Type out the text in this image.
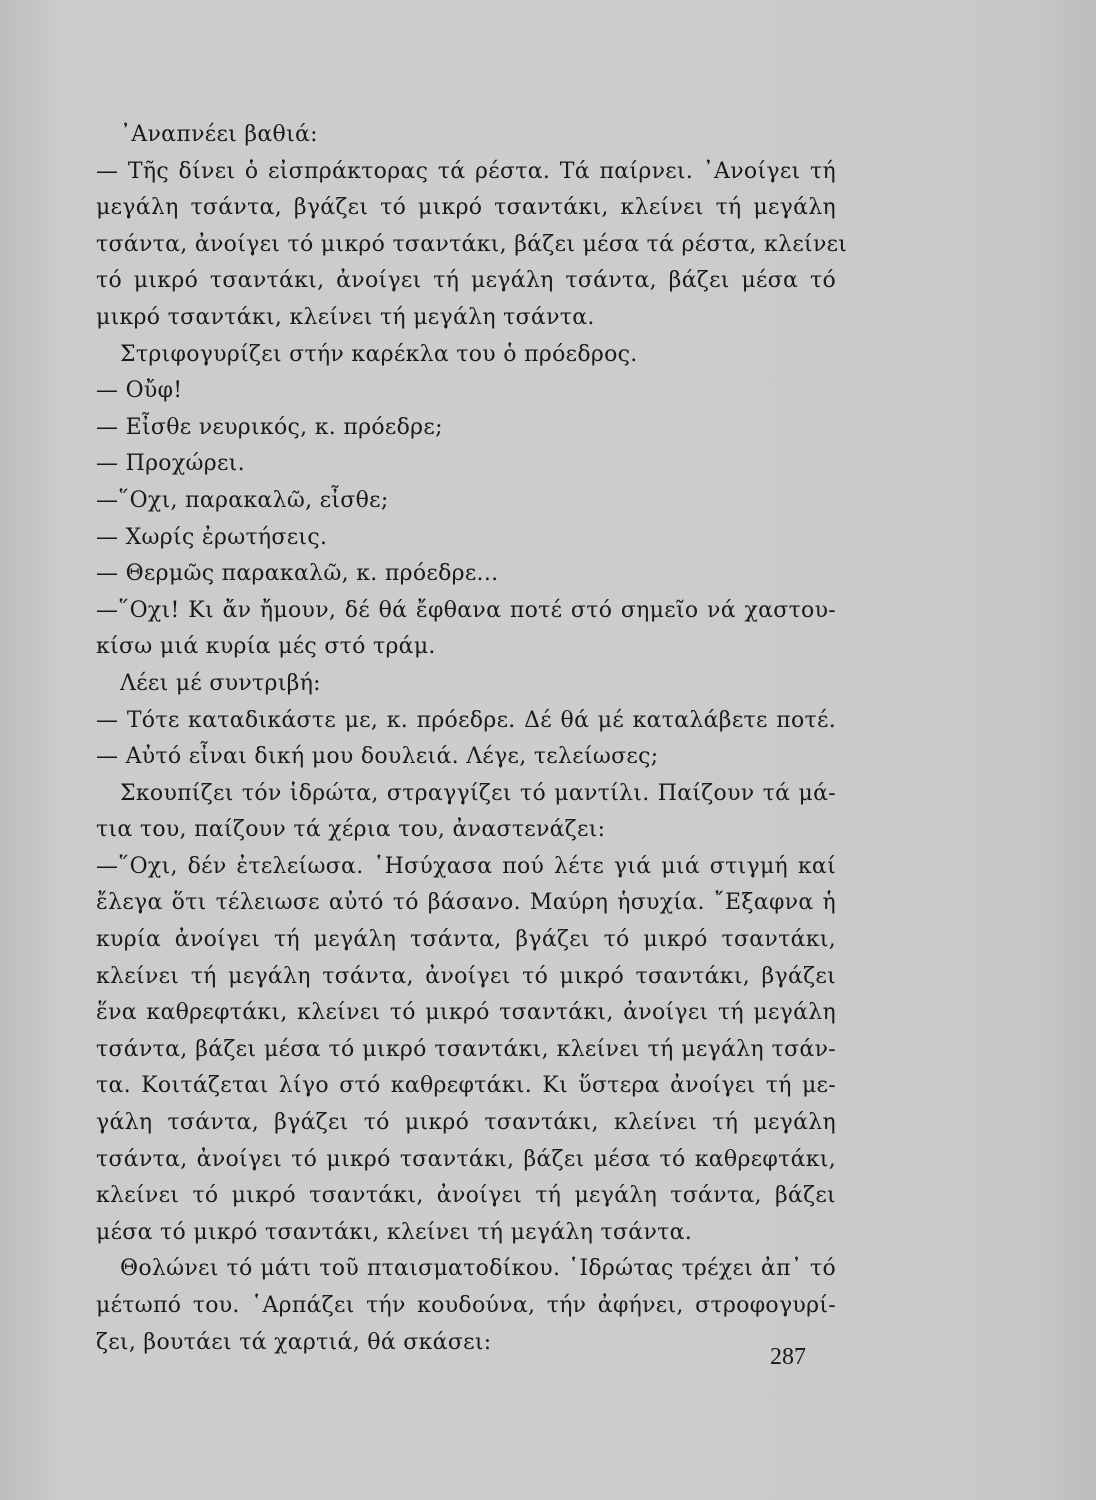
᾿Αναπνέει βαθιά:
— Τῆς δίνει ὁ εἰσπράκτορας τά ρέστα. Τά παίρνει. ᾿Ανοίγει τή
μεγάλη τσάντα, βγάζει τό μικρό τσαντάκι, κλείνει τή μεγάλη
τσάντα, ἀνοίγει τό μικρό τσαντάκι, βάζει μέσα τά ρέστα, κλείνει
τό μικρό τσαντάκι, ἀνοίγει τή μεγάλη τσάντα, βάζει μέσα τό
μικρό τσαντάκι, κλείνει τή μεγάλη τσάντα.
Στριφογυρίζει στήν καρέκλα του ὁ πρόεδρος.
— Οὔφ!
— Εἶσθε νευρικός, κ. πρόεδρε;
— Προχώρει.
—῞Οχι, παρακαλῶ, εἶσθε;
— Χωρίς ἐρωτήσεις.
— Θερμῶς παρακαλῶ, κ. πρόεδρε...
—῞Οχι! Κι ἄν ἤμουν, δέ θά ἔφθανα ποτέ στό σημεῖο νά χαστου-
κίσω μιά κυρία μές στό τράμ.
Λέει μέ συντριβή:
— Τότε καταδικάστε με, κ. πρόεδρε. Δέ θά μέ καταλάβετε ποτέ.
— Αὐτό εἶναι δική μου δουλειά. Λέγε, τελείωσες;
Σκουπίζει τόν ἱδρώτα, στραγγίζει τό μαντίλι. Παίζουν τά μά-
τια του, παίζουν τά χέρια του, ἀναστενάζει:
—῞Οχι, δέν ἐτελείωσα. ῾Ησύχασα πού λέτε γιά μιά στιγμή καί
ἔλεγα ὅτι τέλειωσε αὐτό τό βάσανο. Μαύρη ἡσυχία. ῎Εξαφνα ἡ
κυρία ἀνοίγει τή μεγάλη τσάντα, βγάζει τό μικρό τσαντάκι,
κλείνει τή μεγάλη τσάντα, ἀνοίγει τό μικρό τσαντάκι, βγάζει
ἕνα καθρεφτάκι, κλείνει τό μικρό τσαντάκι, ἀνοίγει τή μεγάλη
τσάντα, βάζει μέσα τό μικρό τσαντάκι, κλείνει τή μεγάλη τσάν-
τα. Κοιτάζεται λίγο στό καθρεφτάκι. Κι ὕστερα ἀνοίγει τή με-
γάλη τσάντα, βγάζει τό μικρό τσαντάκι, κλείνει τή μεγάλη
τσάντα, ἀνοίγει τό μικρό τσαντάκι, βάζει μέσα τό καθρεφτάκι,
κλείνει τό μικρό τσαντάκι, ἀνοίγει τή μεγάλη τσάντα, βάζει
μέσα τό μικρό τσαντάκι, κλείνει τή μεγάλη τσάντα.
Θολώνει τό μάτι τοῦ πταισματοδίκου. ῾Ιδρώτας τρέχει ἀπ᾿ τό
μέτωπό του. ῾Αρπάζει τήν κουδούνα, τήν ἀφήνει, στροφογυρί-
ζει, βουτάει τά χαρτιά, θά σκάσει:
287
